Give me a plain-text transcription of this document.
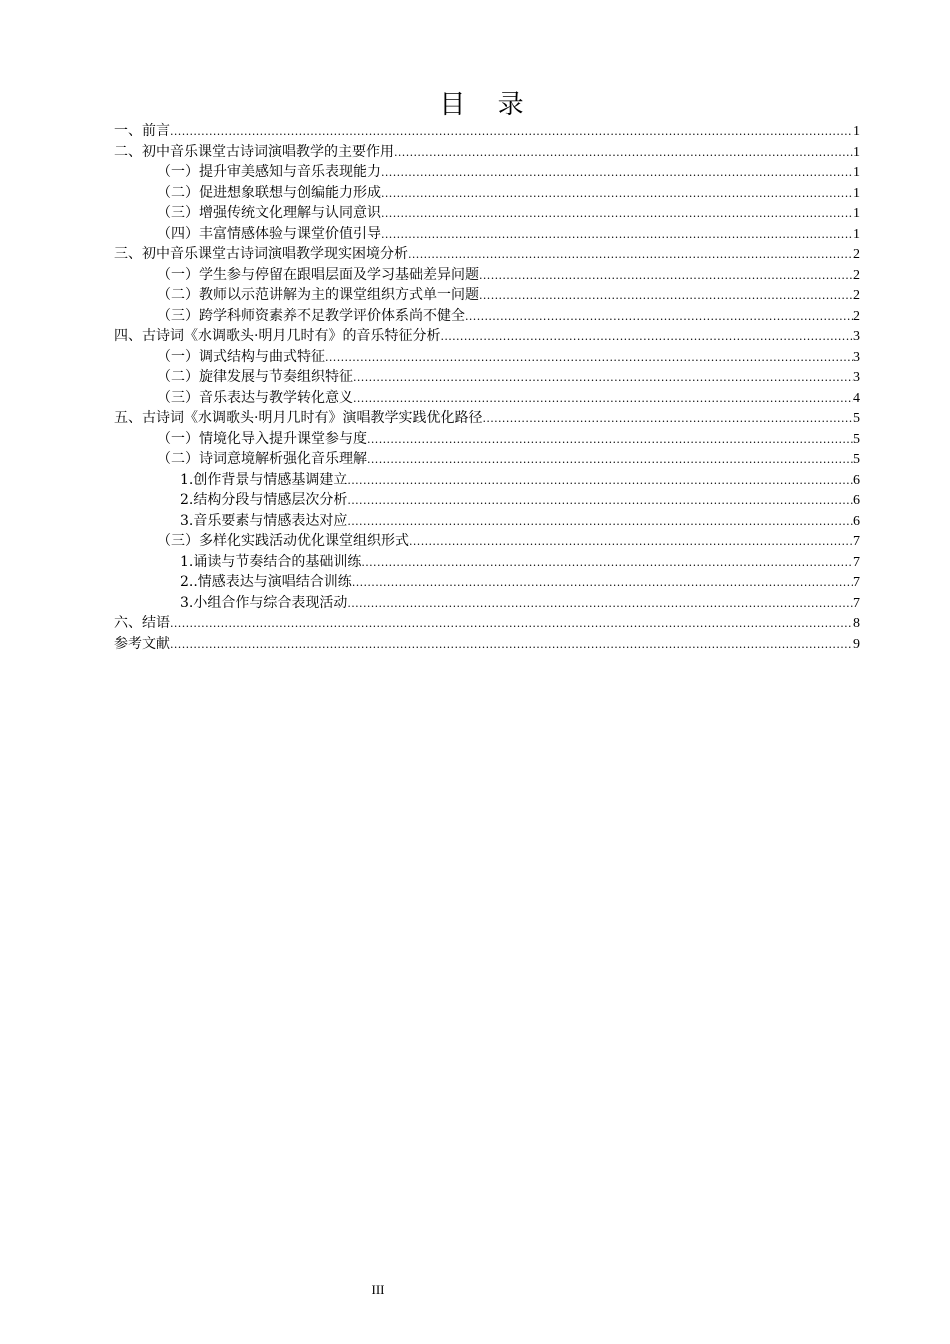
目 录
一、前言 .....	1
二、初中音乐课堂古诗词演唱教学的主要作用 .....	1
（一）提升审美感知与音乐表现能力 .....	1
（二）促进想象联想与创编能力形成 .....	1
（三）增强传统文化理解与认同意识 .....	1
（四）丰富情感体验与课堂价值引导 .....	1
三、初中音乐课堂古诗词演唱教学现实困境分析 .....	2
（一）学生参与停留在跟唱层面及学习基础差异问题 .....	2
（二）教师以示范讲解为主的课堂组织方式单一问题 .....	2
（三）跨学科师资素养不足教学评价体系尚不健全 .....	2
四、古诗词《水调歌头·明月几时有》的音乐特征分析 .....	3
（一）调式结构与曲式特征 .....	3
（二）旋律发展与节奏组织特征 .....	3
（三）音乐表达与教学转化意义 .....	4
五、古诗词《水调歌头·明月几时有》演唱教学实践优化路径 .....	5
（一）情境化导入提升课堂参与度 .....	5
（二）诗词意境解析强化音乐理解 .....	5
1.创作背景与情感基调建立 .....	6
2.结构分段与情感层次分析 .....	6
3.音乐要素与情感表达对应 .....	6
（三）多样化实践活动优化课堂组织形式 .....	7
1.诵读与节奏结合的基础训练 .....	7
2..情感表达与演唱结合训练 .....	7
3.小组合作与综合表现活动 .....	7
六、结语 .....	8
参考文献 .....	9
III
